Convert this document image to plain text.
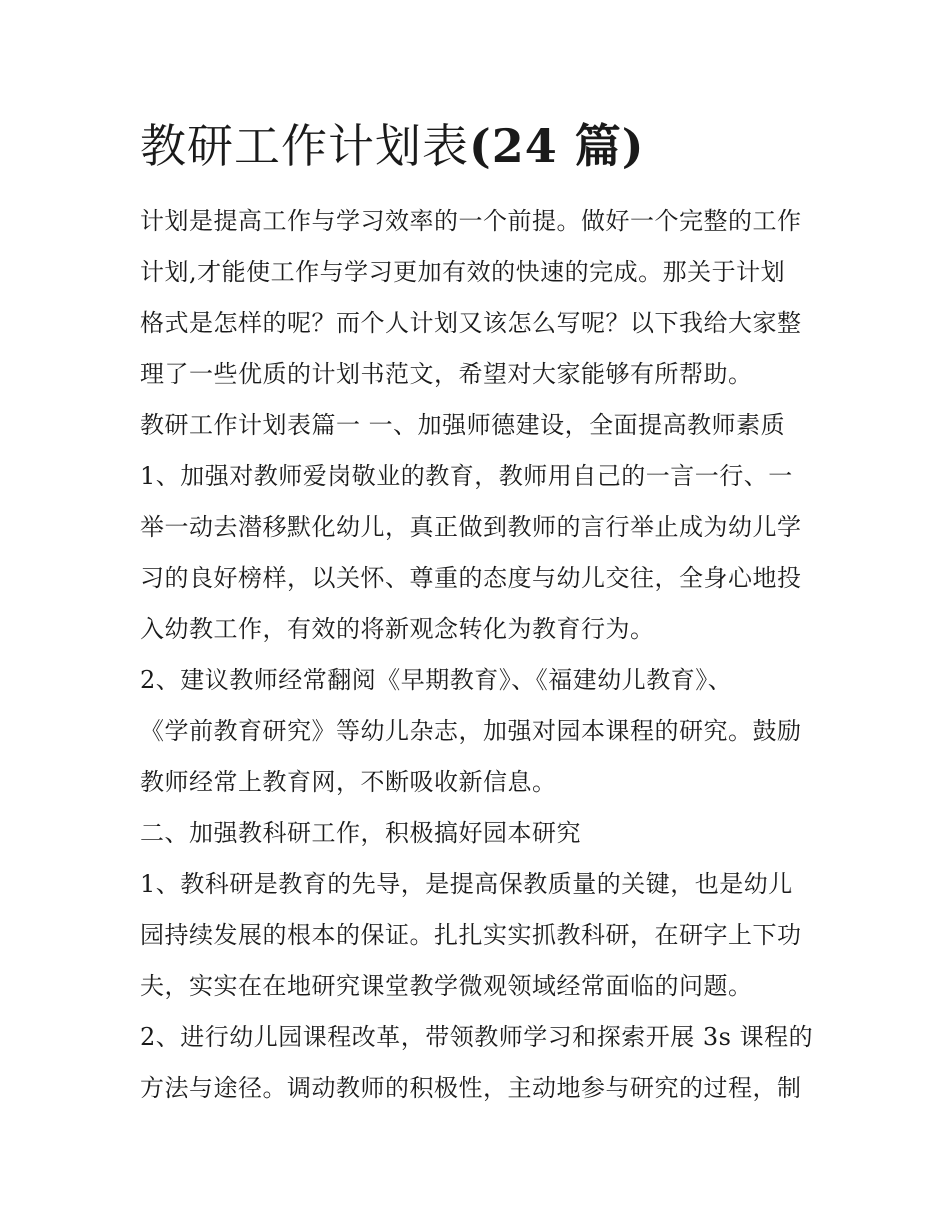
教研工作计划表(24 篇)

计划是提高工作与学习效率的一个前提。做好一个完整的工作

计划,才能使工作与学习更加有效的快速的完成。那关于计划

格式是怎样的呢？而个人计划又该怎么写呢？以下我给大家整

理了一些优质的计划书范文，希望对大家能够有所帮助。

教研工作计划表篇一 一、加强师德建设，全面提高教师素质

1、加强对教师爱岗敬业的教育，教师用自己的一言一行、一

举一动去潜移默化幼儿，真正做到教师的言行举止成为幼儿学

习的良好榜样，以关怀、尊重的态度与幼儿交往，全身心地投

入幼教工作，有效的将新观念转化为教育行为。

2、建议教师经常翻阅《早期教育》、《福建幼儿教育》、

《学前教育研究》等幼儿杂志，加强对园本课程的研究。鼓励

教师经常上教育网，不断吸收新信息。

二、加强教科研工作，积极搞好园本研究

1、教科研是教育的先导，是提高保教质量的关键，也是幼儿

园持续发展的根本的保证。扎扎实实抓教科研，在研字上下功

夫，实实在在地研究课堂教学微观领域经常面临的问题。

2、进行幼儿园课程改革，带领教师学习和探索开展 3s 课程的

方法与途径。调动教师的积极性，主动地参与研究的过程，制
